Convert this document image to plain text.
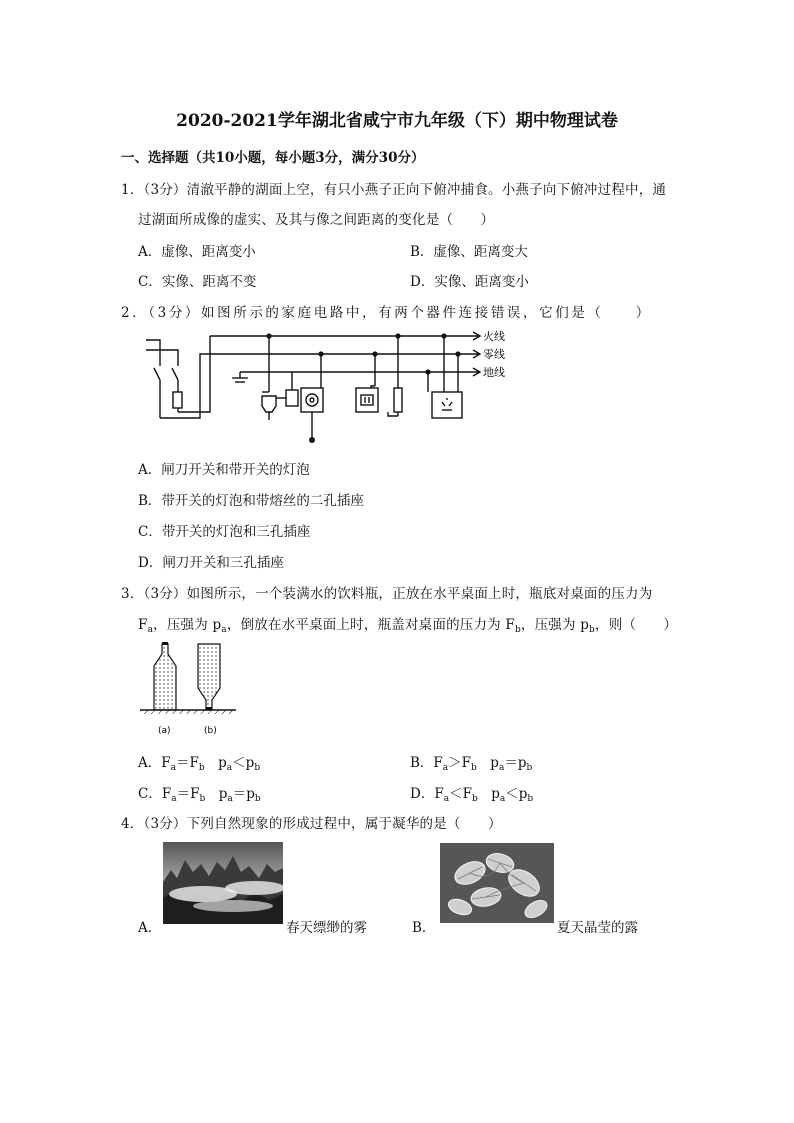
2020-2021学年湖北省咸宁市九年级（下）期中物理试卷
一、选择题（共10小题，每小题3分，满分30分）
1．（3分）清澈平静的湖面上空，有只小燕子正向下俯冲捕食。小燕子向下俯冲过程中，通
过湖面所成像的虚实、及其与像之间距离的变化是（　　）
A．虚像、距离变小	B．虚像、距离变大
C．实像、距离不变	D．实像、距离变小
2．（3分）如图所示的家庭电路中，有两个器件连接错误，它们是（　　）
火线
零线
地线
A．闸刀开关和带开关的灯泡
B．带开关的灯泡和带熔丝的二孔插座
C．带开关的灯泡和三孔插座
D．闸刀开关和三孔插座
3．（3分）如图所示，一个装满水的饮料瓶，正放在水平桌面上时，瓶底对桌面的压力为
$F_a$，压强为 $p_a$，倒放在水平桌面上时，瓶盖对桌面的压力为 $F_b$，压强为 $p_b$，则（　　）
(a)	(b)
A．$F_a=F_b$　$p_a<p_b$	B．$F_a>F_b$　$p_a=p_b$
C．$F_a=F_b$　$p_a=p_b$	D．$F_a<F_b$　$p_a<p_b$
4．（3分）下列自然现象的形成过程中，属于凝华的是（　　）
A．	春天缥缈的雾	B．	夏天晶莹的露
